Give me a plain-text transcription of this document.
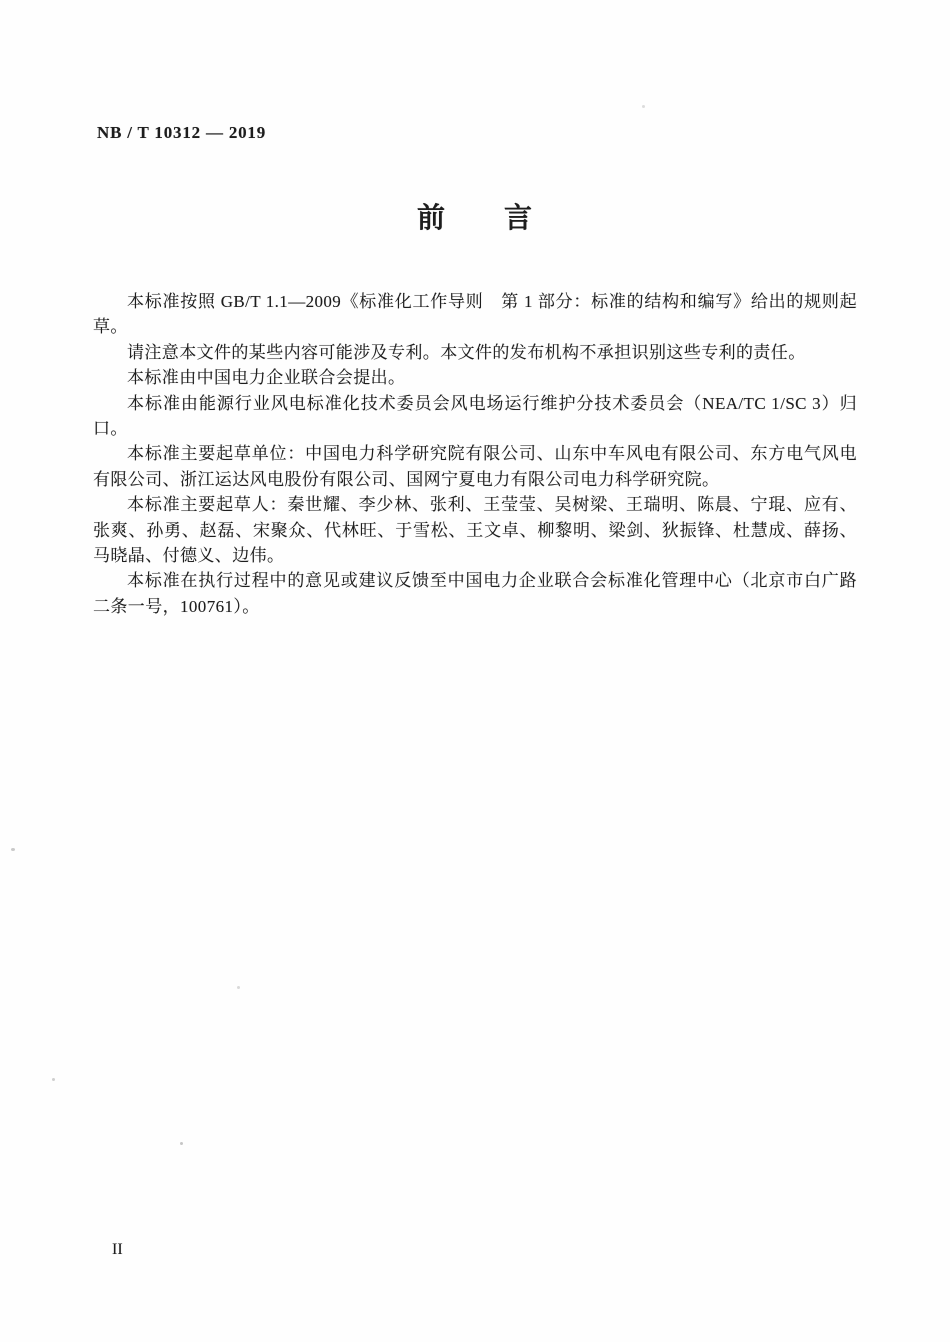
NB / T 10312 — 2019
前　　言

本标准按照 GB/T 1.1—2009《标准化工作导则　第 1 部分：标准的结构和编写》给出的规则起草。

请注意本文件的某些内容可能涉及专利。本文件的发布机构不承担识别这些专利的责任。

本标准由中国电力企业联合会提出。

本标准由能源行业风电标准化技术委员会风电场运行维护分技术委员会（NEA/TC 1/SC 3）归口。

本标准主要起草单位：中国电力科学研究院有限公司、山东中车风电有限公司、东方电气风电有限公司、浙江运达风电股份有限公司、国网宁夏电力有限公司电力科学研究院。

本标准主要起草人：秦世耀、李少林、张利、王莹莹、吴树梁、王瑞明、陈晨、宁琨、应有、张爽、孙勇、赵磊、宋聚众、代林旺、于雪松、王文卓、柳黎明、梁剑、狄振锋、杜慧成、薛扬、马晓晶、付德义、边伟。

本标准在执行过程中的意见或建议反馈至中国电力企业联合会标准化管理中心（北京市白广路二条一号，100761）。

II
